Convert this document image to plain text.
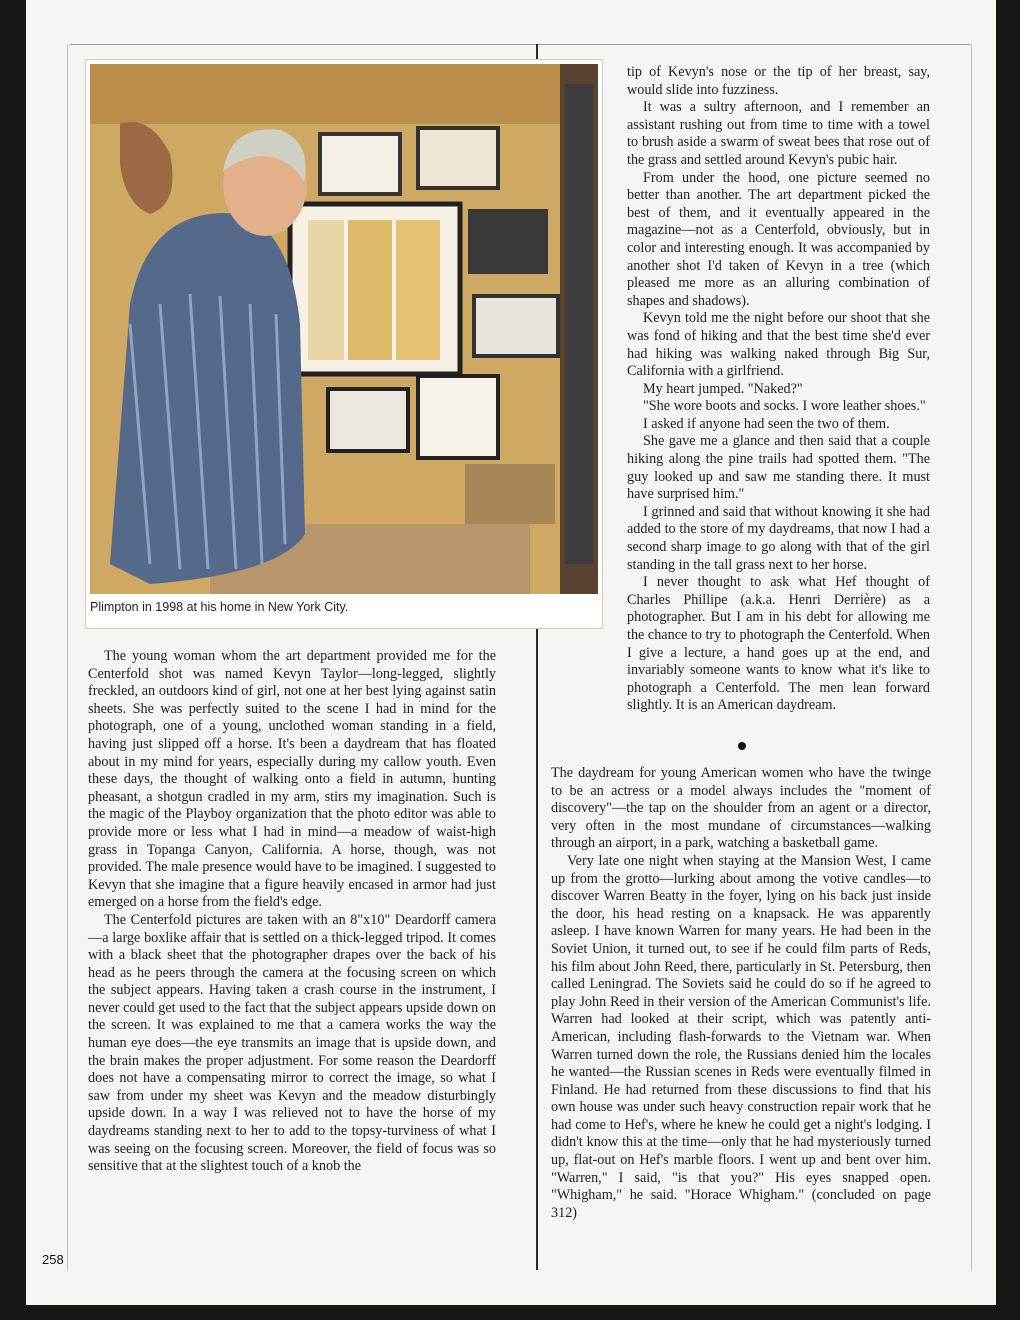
Plimpton in 1998 at his home in New York City.

tip of Kevyn's nose or the tip of her breast, say, would slide into fuzziness.

It was a sultry afternoon, and I remember an assistant rushing out from time to time with a towel to brush aside a swarm of sweat bees that rose out of the grass and settled around Kevyn's pubic hair.

From under the hood, one picture seemed no better than another. The art department picked the best of them, and it eventually appeared in the magazine—not as a Centerfold, obviously, but in color and interesting enough. It was accompanied by another shot I'd taken of Kevyn in a tree (which pleased me more as an alluring combination of shapes and shadows).

Kevyn told me the night before our shoot that she was fond of hiking and that the best time she'd ever had hiking was walking naked through Big Sur, California with a girlfriend.

My heart jumped. "Naked?"

"She wore boots and socks. I wore leather shoes."

I asked if anyone had seen the two of them.

She gave me a glance and then said that a couple hiking along the pine trails had spotted them. "The guy looked up and saw me standing there. It must have surprised him."

I grinned and said that without knowing it she had added to the store of my daydreams, that now I had a second sharp image to go along with that of the girl standing in the tall grass next to her horse.

I never thought to ask what Hef thought of Charles Phillipe (a.k.a. Henri Derrière) as a photographer. But I am in his debt for allowing me the chance to try to photograph the Centerfold. When I give a lecture, a hand goes up at the end, and invariably someone wants to know what it's like to photograph a Centerfold. The men lean forward slightly. It is an American daydream.

The young woman whom the art department provided me for the Centerfold shot was named Kevyn Taylor—long-legged, slightly freckled, an outdoors kind of girl, not one at her best lying against satin sheets. She was perfectly suited to the scene I had in mind for the photograph, one of a young, unclothed woman standing in a field, having just slipped off a horse. It's been a daydream that has floated about in my mind for years, especially during my callow youth. Even these days, the thought of walking onto a field in autumn, hunting pheasant, a shotgun cradled in my arm, stirs my imagination. Such is the magic of the Playboy organization that the photo editor was able to provide more or less what I had in mind—a meadow of waist-high grass in Topanga Canyon, California. A horse, though, was not provided. The male presence would have to be imagined. I suggested to Kevyn that she imagine that a figure heavily encased in armor had just emerged on a horse from the field's edge.

The Centerfold pictures are taken with an 8"x10" Deardorff camera—a large boxlike affair that is settled on a thick-legged tripod. It comes with a black sheet that the photographer drapes over the back of his head as he peers through the camera at the focusing screen on which the subject appears. Having taken a crash course in the instrument, I never could get used to the fact that the subject appears upside down on the screen. It was explained to me that a camera works the way the human eye does—the eye transmits an image that is upside down, and the brain makes the proper adjustment. For some reason the Deardorff does not have a compensating mirror to correct the image, so what I saw from under my sheet was Kevyn and the meadow disturbingly upside down. In a way I was relieved not to have the horse of my daydreams standing next to her to add to the topsy-turviness of what I was seeing on the focusing screen. Moreover, the field of focus was so sensitive that at the slightest touch of a knob the

The daydream for young American women who have the twinge to be an actress or a model always includes the "moment of discovery"—the tap on the shoulder from an agent or a director, very often in the most mundane of circumstances—walking through an airport, in a park, watching a basketball game.

Very late one night when staying at the Mansion West, I came up from the grotto—lurking about among the votive candles—to discover Warren Beatty in the foyer, lying on his back just inside the door, his head resting on a knapsack. He was apparently asleep. I have known Warren for many years. He had been in the Soviet Union, it turned out, to see if he could film parts of Reds, his film about John Reed, there, particularly in St. Petersburg, then called Leningrad. The Soviets said he could do so if he agreed to play John Reed in their version of the American Communist's life. Warren had looked at their script, which was patently anti-American, including flash-forwards to the Vietnam war. When Warren turned down the role, the Russians denied him the locales he wanted—the Russian scenes in Reds were eventually filmed in Finland. He had returned from these discussions to find that his own house was under such heavy construction repair work that he had come to Hef's, where he knew he could get a night's lodging. I didn't know this at the time—only that he had mysteriously turned up, flat-out on Hef's marble floors. I went up and bent over him. "Warren," I said, "is that you?" His eyes snapped open. "Whigham," he said. "Horace Whigham." (concluded on page 312)

258
